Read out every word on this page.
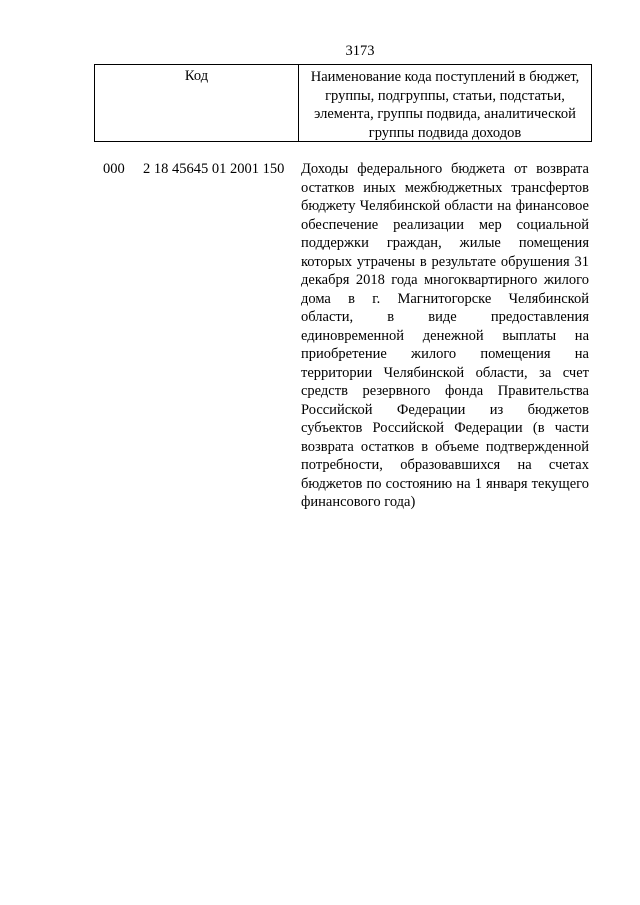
3173
Код	Наименование кода поступлений в бюджет, группы, подгруппы, статьи, подстатьи, элемента, группы подвида, аналитической группы подвида доходов
000 2 18 45645 01 2001 150 Доходы федерального бюджета от возврата остатков иных межбюджетных трансфертов бюджету Челябинской области на финансовое обеспечение реализации мер социальной поддержки граждан, жилые помещения которых утрачены в результате обрушения 31 декабря 2018 года многоквартирного жилого дома в г. Магнитогорске Челябинской области, в виде предоставления единовременной денежной выплаты на приобретение жилого помещения на территории Челябинской области, за счет средств резервного фонда Правительства Российской Федерации из бюджетов субъектов Российской Федерации (в части возврата остатков в объеме подтвержденной потребности, образовавшихся на счетах бюджетов по состоянию на 1 января текущего финансового года)
